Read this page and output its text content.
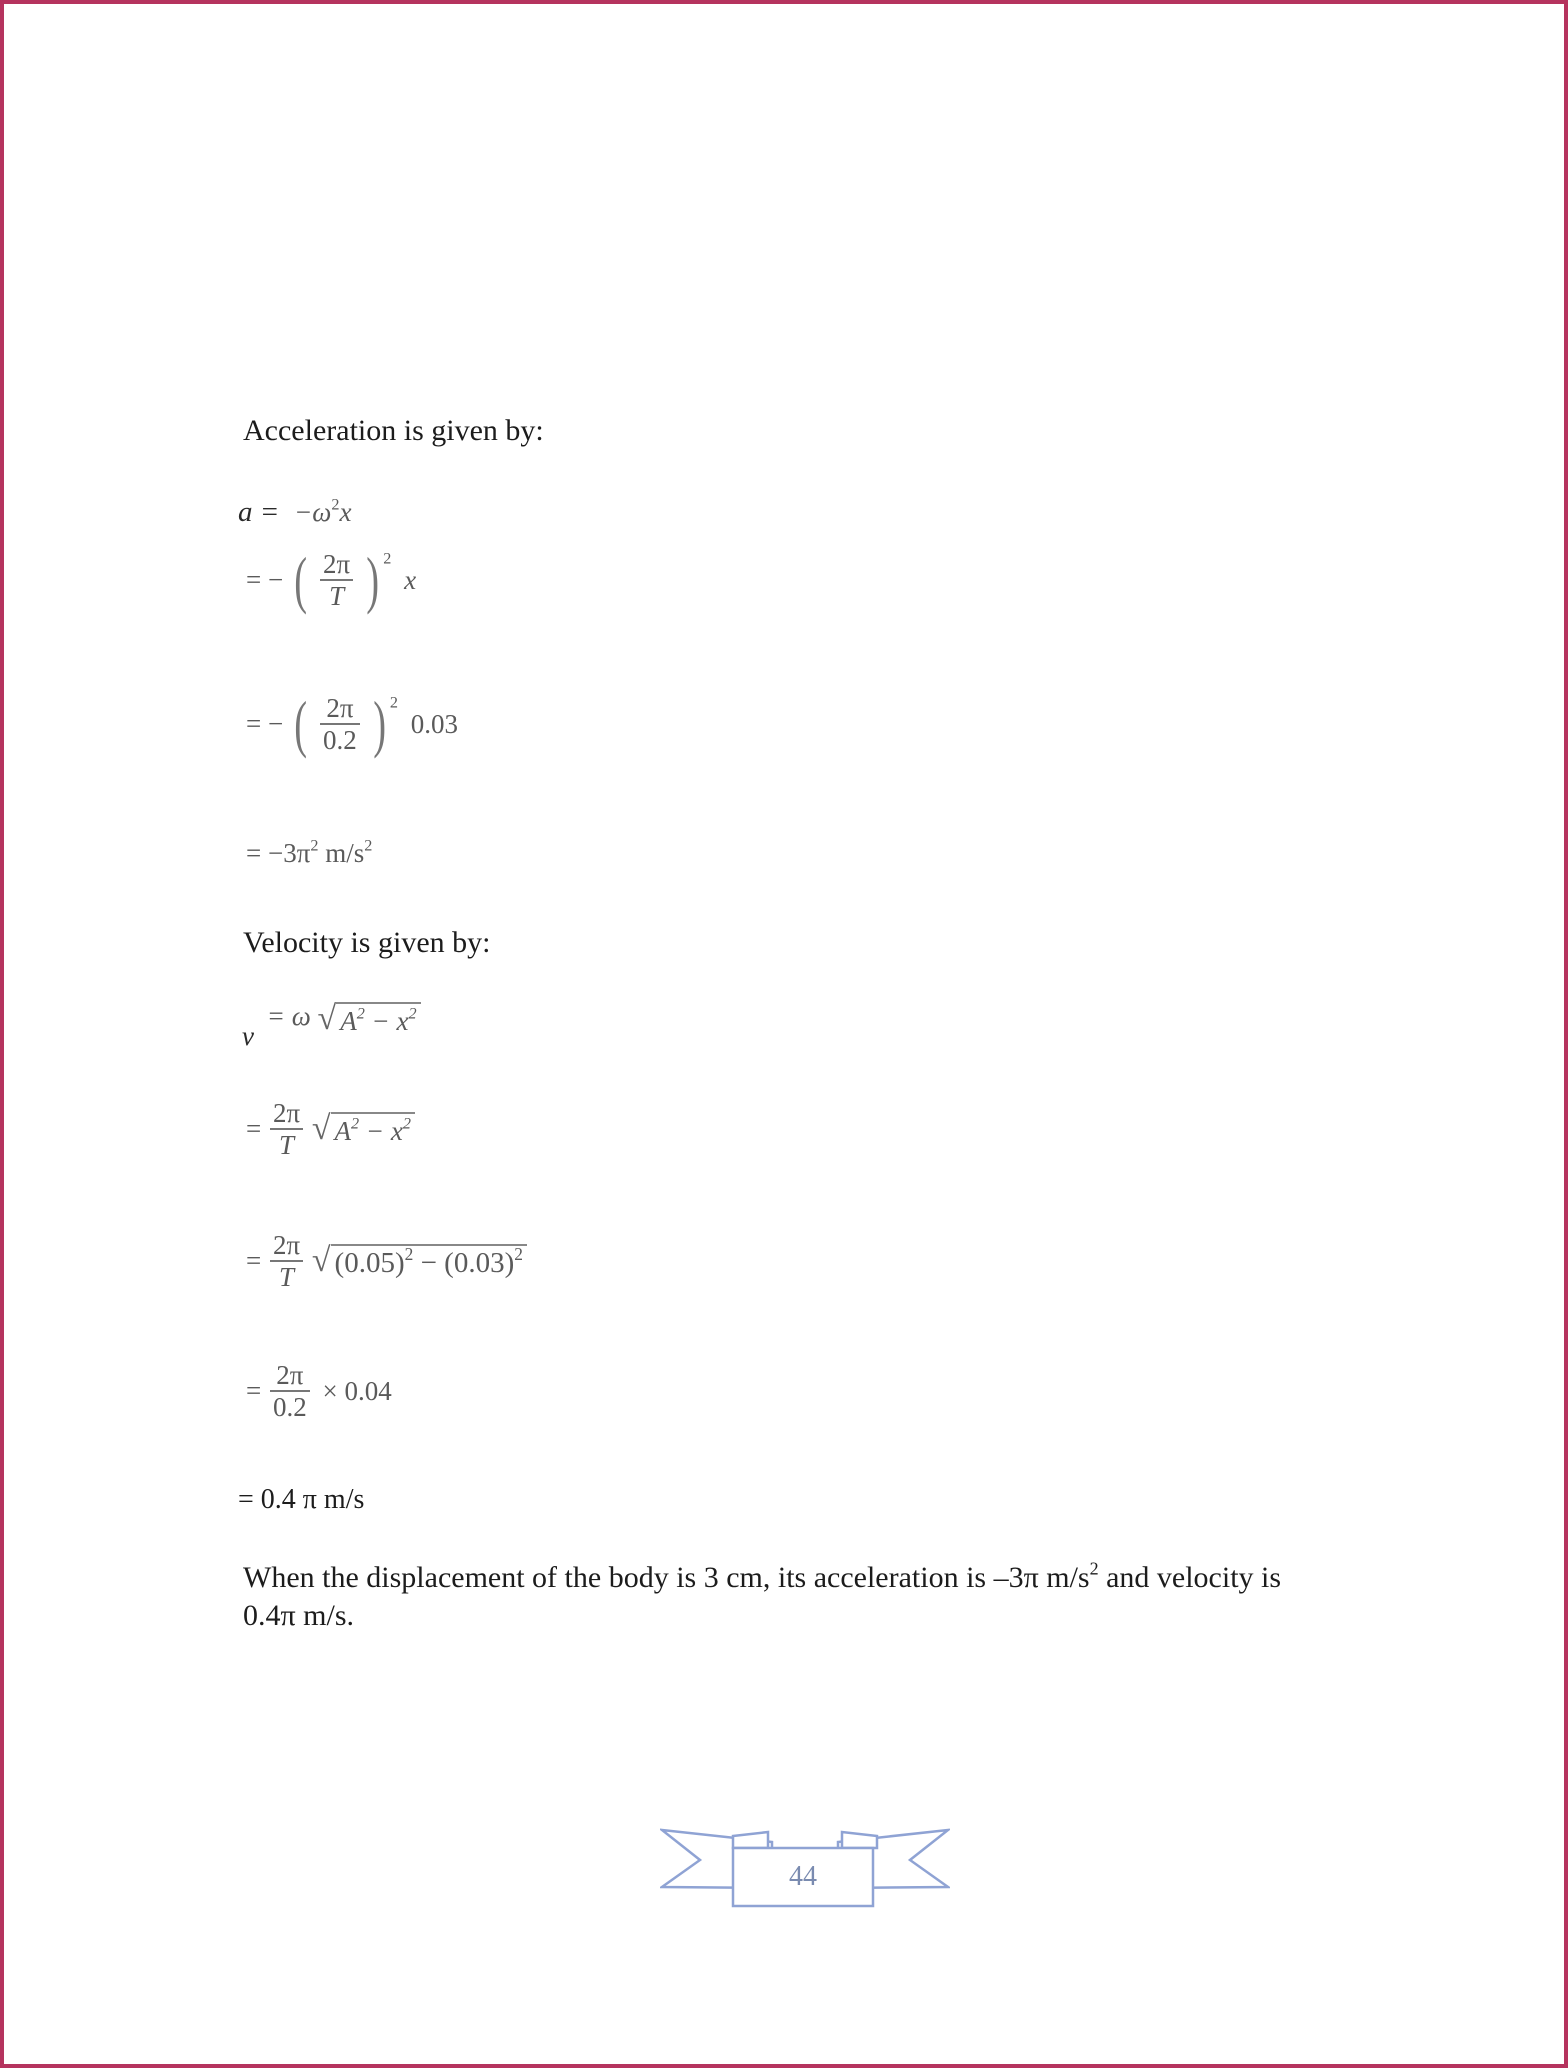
Acceleration is given by:
$a = -\omega^2x$
= − ( $\frac{2\pi}{T}$ ) $^2$ x
= − ( $\frac{2\pi}{0.2}$ ) $^2$ 0.03
= $-3\pi^2$ $m/s^2$
Velocity is given by:
v = ω √ $A^2 - x^2$
= $\frac{2\pi}{T}$ √ $A^2 - x^2$
= $\frac{2\pi}{T}$ √ $(0.05)^2 - (0.03)^2$
= $\frac{2\pi}{0.2} \times 0.04$
= 0.4 π m/s
When the displacement of the body is 3 cm, its acceleration is –3π $m/s^2$ and velocity is
0.4π m/s.
44
